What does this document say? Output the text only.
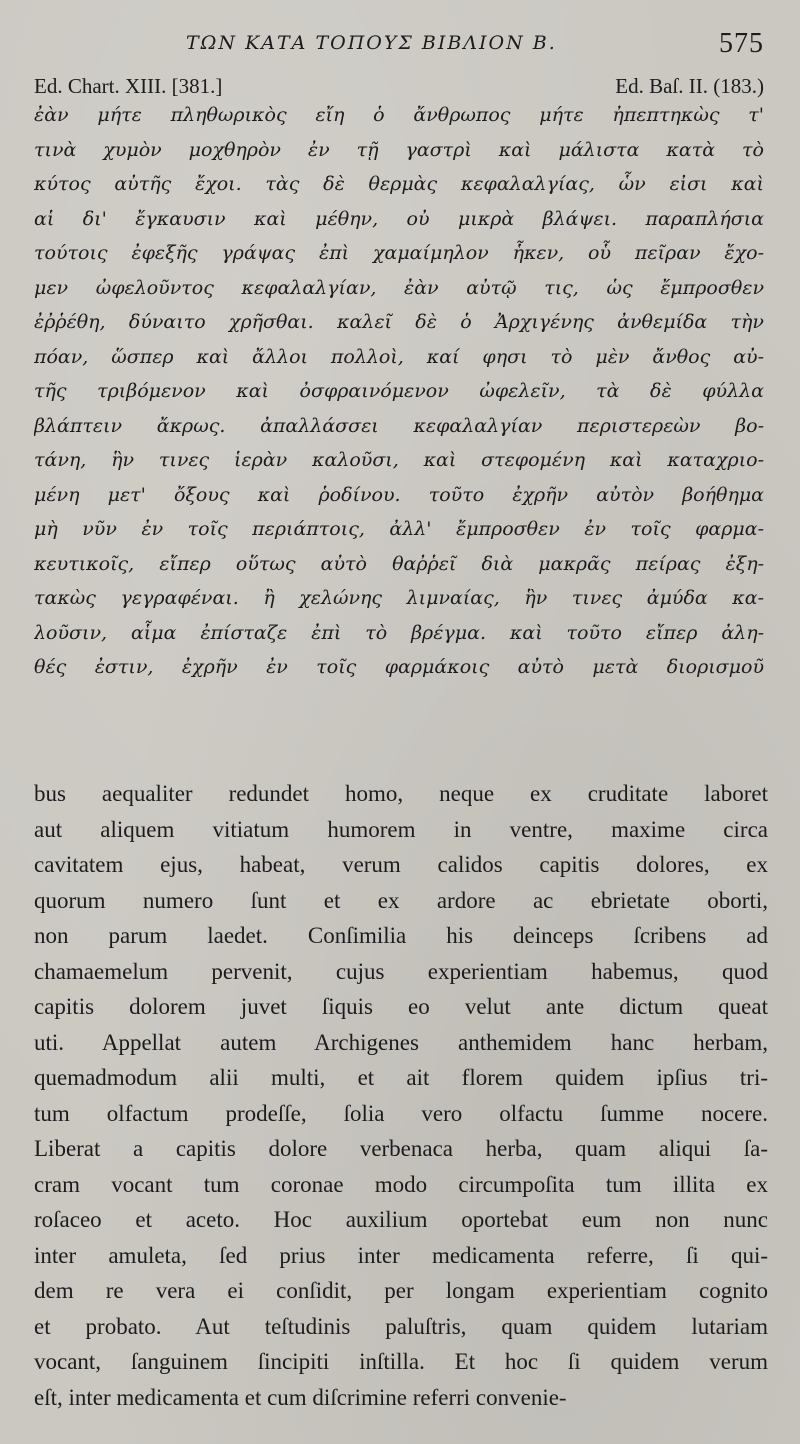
ΤΩΝ ΚΑΤΑ ΤΟΠΟΥΣ ΒΙΒΛΙΟΝ Β.	575
Ed. Chart. XIII. [381.]	Ed. Baſ. II. (183.)
ἐὰν μήτε πληθωρικὸς εἴη ὁ ἄνθρωπος μήτε ἠπεπτηκὼς τ'
τινὰ χυμὸν μοχθηρὸν ἐν τῇ γαστρὶ καὶ μάλιστα κατὰ τὸ
κύτος αὐτῆς ἔχοι. τὰς δὲ θερμὰς κεφαλαλγίας, ὧν εἰσι καὶ
αἱ δι' ἔγκαυσιν καὶ μέθην, οὐ μικρὰ βλάψει. παραπλήσια
τούτοις ἐφεξῆς γράψας ἐπὶ χαμαίμηλον ἧκεν, οὗ πεῖραν ἔχο-
μεν ὠφελοῦντος κεφαλαλγίαν, ἐὰν αὐτῷ τις, ὡς ἔμπροσθεν
ἐῤῥέθη, δύναιτο χρῆσθαι. καλεῖ δὲ ὁ Ἀρχιγένης ἀνθεμίδα τὴν
πόαν, ὥσπερ καὶ ἄλλοι πολλοὶ, καί φησι τὸ μὲν ἄνθος αὐ-
τῆς τριβόμενον καὶ ὀσφραινόμενον ὠφελεῖν, τὰ δὲ φύλλα
βλάπτειν ἄκρως. ἀπαλλάσσει κεφαλαλγίαν περιστερεὼν βο-
τάνη, ἣν τινες ἱερὰν καλοῦσι, καὶ στεφομένη καὶ καταχριο-
μένη μετ' ὄξους καὶ ῥοδίνου. τοῦτο ἐχρῆν αὐτὸν βοήθημα
μὴ νῦν ἐν τοῖς περιάπτοις, ἀλλ' ἔμπροσθεν ἐν τοῖς φαρμα-
κευτικοῖς, εἴπερ οὕτως αὐτὸ θαῤῥεῖ διὰ μακρᾶς πείρας ἐξη-
τακὼς γεγραφέναι. ἢ χελώνης λιμναίας, ἣν τινες ἀμύδα κα-
λοῦσιν, αἷμα ἐπίσταζε ἐπὶ τὸ βρέγμα. καὶ τοῦτο εἴπερ ἀλη-
θές ἐστιν, ἐχρῆν ἐν τοῖς φαρμάκοις αὐτὸ μετὰ διορισμοῦ
bus aequaliter redundet homo, neque ex cruditate laboret
aut aliquem vitiatum humorem in ventre, maxime circa
cavitatem ejus, habeat, verum calidos capitis dolores, ex
quorum numero ſunt et ex ardore ac ebrietate oborti,
non parum laedet. Conſimilia his deinceps ſcribens ad
chamaemelum pervenit, cujus experientiam habemus, quod
capitis dolorem juvet ſiquis eo velut ante dictum queat
uti. Appellat autem Archigenes anthemidem hanc herbam,
quemadmodum alii multi, et ait florem quidem ipſius tri-
tum olfactum prodeſſe, ſolia vero olfactu ſumme nocere.
Liberat a capitis dolore verbenaca herba, quam aliqui ſa-
cram vocant tum coronae modo circumpoſita tum illita ex
roſaceo et aceto. Hoc auxilium oportebat eum non nunc
inter amuleta, ſed prius inter medicamenta referre, ſi qui-
dem re vera ei conſidit, per longam experientiam cognito
et probato. Aut teſtudinis paluſtris, quam quidem lutariam
vocant, ſanguinem ſincipiti inſtilla. Et hoc ſi quidem verum
eſt, inter medicamenta et cum diſcrimine referri convenie-
